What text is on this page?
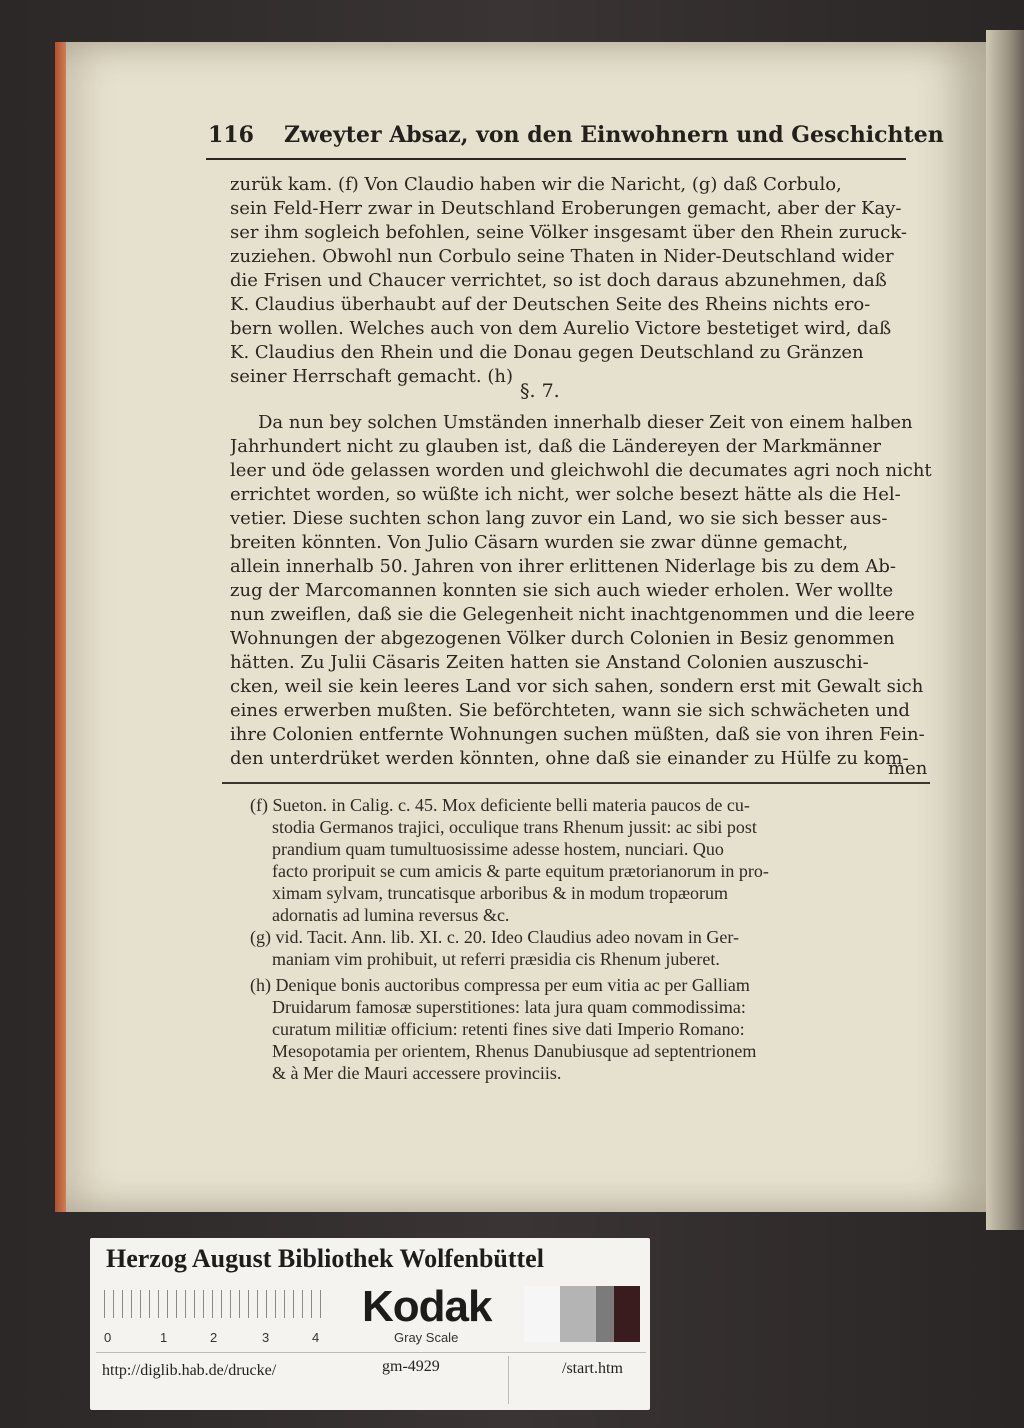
116 Zweyter Absaz, von den Einwohnern und Geschichten
zurük kam. (f) Von Claudio haben wir die Naricht, (g) daß Corbulo,
sein Feld-Herr zwar in Deutschland Eroberungen gemacht, aber der Kay-
ser ihm sogleich befohlen, seine Völker insgesamt über den Rhein zuruck-
zuziehen. Obwohl nun Corbulo seine Thaten in Nider-Deutschland wider
die Frisen und Chaucer verrichtet, so ist doch daraus abzunehmen, daß
K. Claudius überhaubt auf der Deutschen Seite des Rheins nichts ero-
bern wollen. Welches auch von dem Aurelio Victore bestetiget wird, daß
K. Claudius den Rhein und die Donau gegen Deutschland zu Gränzen
seiner Herrschaft gemacht. (h)
§. 7.
Da nun bey solchen Umständen innerhalb dieser Zeit von einem halben
Jahrhundert nicht zu glauben ist, daß die Ländereyen der Markmänner
leer und öde gelassen worden und gleichwohl die decumates agri noch nicht
errichtet worden, so wüßte ich nicht, wer solche besezt hätte als die Hel-
vetier. Diese suchten schon lang zuvor ein Land, wo sie sich besser aus-
breiten könnten. Von Julio Cäsarn wurden sie zwar dünne gemacht,
allein innerhalb 50. Jahren von ihrer erlittenen Niderlage bis zu dem Ab-
zug der Marcomannen konnten sie sich auch wieder erholen. Wer wollte
nun zweiflen, daß sie die Gelegenheit nicht inachtgenommen und die leere
Wohnungen der abgezogenen Völker durch Colonien in Besiz genommen
hätten. Zu Julii Cäsaris Zeiten hatten sie Anstand Colonien auszuschi-
cken, weil sie kein leeres Land vor sich sahen, sondern erst mit Gewalt sich
eines erwerben mußten. Sie beförchteten, wann sie sich schwächeten und
ihre Colonien entfernte Wohnungen suchen müßten, daß sie von ihren Fein-
den unterdrüket werden könnten, ohne daß sie einander zu Hülfe zu kom-
men
(f) Sueton. in Calig. c. 45. Mox deficiente belli materia paucos de cu-
stodia Germanos trajici, occulique trans Rhenum jussit: ac sibi post
prandium quam tumultuosissime adesse hostem, nunciari. Quo
facto proripuit se cum amicis & parte equitum prætorianorum in pro-
ximam sylvam, truncatisque arboribus & in modum tropæorum
adornatis ad lumina reversus &c.
(g) vid. Tacit. Ann. lib. XI. c. 20. Ideo Claudius adeo novam in Ger-
maniam vim prohibuit, ut referri præsidia cis Rhenum juberet.
(h) Denique bonis auctoribus compressa per eum vitia ac per Galliam
Druidarum famosæ superstitiones: lata jura quam commodissima:
curatum militiæ officium: retenti fines sive dati Imperio Romano:
Mesopotamia per orientem, Rhenus Danubiusque ad septentrionem
& à Mer die Mauri accessere provinciis.
Herzog August Bibliothek Wolfenbüttel
0	1	2	3	4
Kodak
Gray Scale
http://diglib.hab.de/drucke/	gm-4929	/start.htm
